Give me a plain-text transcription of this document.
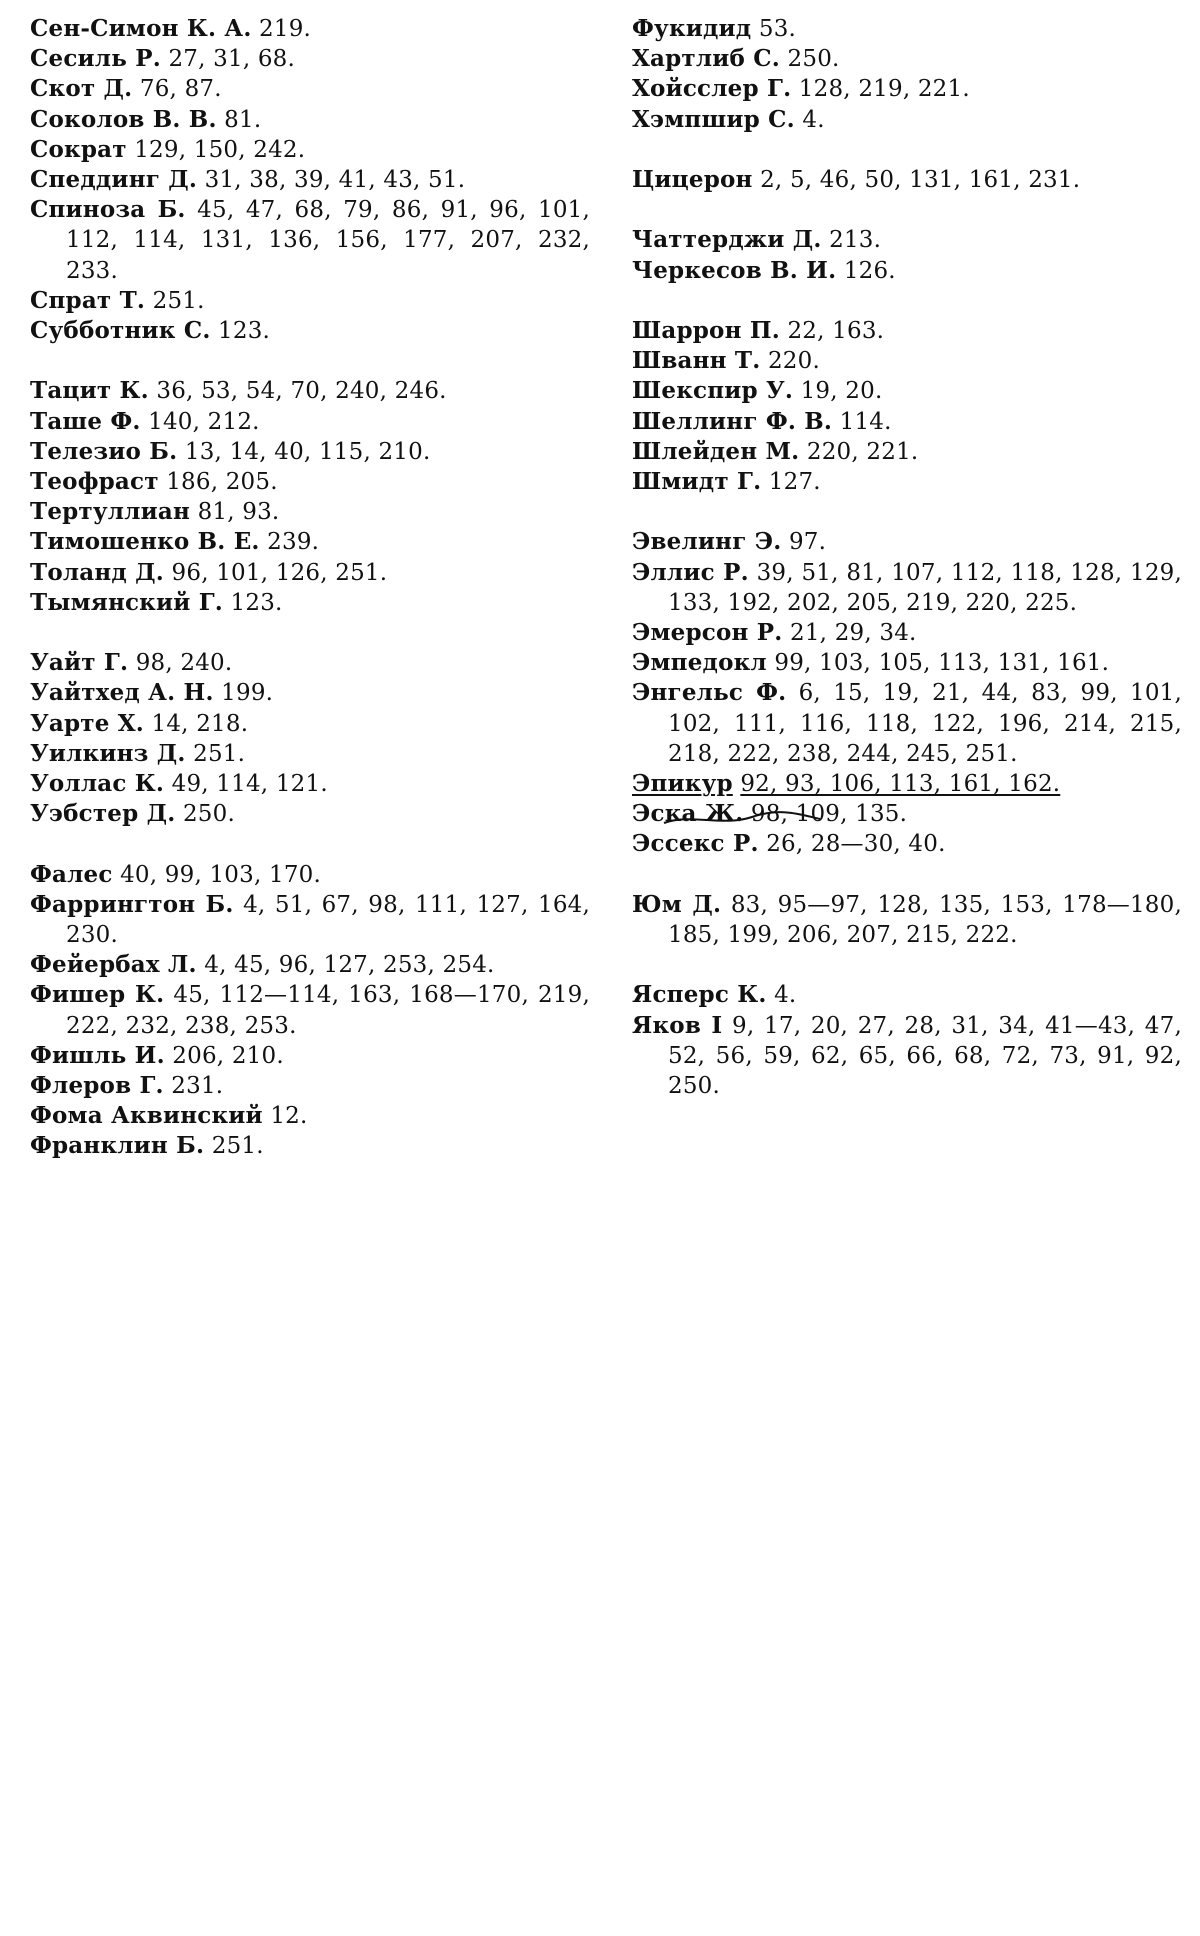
Сен-Симон К. А. 219.
Сесиль Р. 27, 31, 68.
Скот Д. 76, 87.
Соколов В. В. 81.
Сократ 129, 150, 242.
Спеддинг Д. 31, 38, 39, 41, 43, 51.
Спиноза Б. 45, 47, 68, 79, 86, 91, 96, 101, 112, 114, 131, 136, 156, 177, 207, 232, 233.
Спрат Т. 251.
Субботник С. 123.
Тацит К. 36, 53, 54, 70, 240, 246.
Таше Ф. 140, 212.
Телезио Б. 13, 14, 40, 115, 210.
Теофраст 186, 205.
Тертуллиан 81, 93.
Тимошенко В. Е. 239.
Толанд Д. 96, 101, 126, 251.
Тымянский Г. 123.
Уайт Г. 98, 240.
Уайтхед А. Н. 199.
Уарте Х. 14, 218.
Уилкинз Д. 251.
Уоллас К. 49, 114, 121.
Уэбстер Д. 250.
Фалес 40, 99, 103, 170.
Фаррингтон Б. 4, 51, 67, 98, 111, 127, 164, 230.
Фейербах Л. 4, 45, 96, 127, 253, 254.
Фишер К. 45, 112—114, 163, 168—170, 219, 222, 232, 238, 253.
Фишль И. 206, 210.
Флеров Г. 231.
Фома Аквинский 12.
Франклин Б. 251.
Фукидид 53.
Хартлиб С. 250.
Хойсслер Г. 128, 219, 221.
Хэмпшир С. 4.
Цицерон 2, 5, 46, 50, 131, 161, 231.
Чаттерджи Д. 213.
Черкесов В. И. 126.
Шаррон П. 22, 163.
Шванн Т. 220.
Шекспир У. 19, 20.
Шеллинг Ф. В. 114.
Шлейден М. 220, 221.
Шмидт Г. 127.
Эвелинг Э. 97.
Эллис Р. 39, 51, 81, 107, 112, 118, 128, 129, 133, 192, 202, 205, 219, 220, 225.
Эмерсон Р. 21, 29, 34.
Эмпедокл 99, 103, 105, 113, 131, 161.
Энгельс Ф. 6, 15, 19, 21, 44, 83, 99, 101, 102, 111, 116, 118, 122, 196, 214, 215, 218, 222, 238, 244, 245, 251.
Эпикур 92, 93, 106, 113, 161, 162.
Эска Ж. 98, 109, 135.
Эссекс Р. 26, 28—30, 40.
Юм Д. 83, 95—97, 128, 135, 153, 178—180, 185, 199, 206, 207, 215, 222.
Ясперс К. 4.
Яков I 9, 17, 20, 27, 28, 31, 34, 41—43, 47, 52, 56, 59, 62, 65, 66, 68, 72, 73, 91, 92, 250.
